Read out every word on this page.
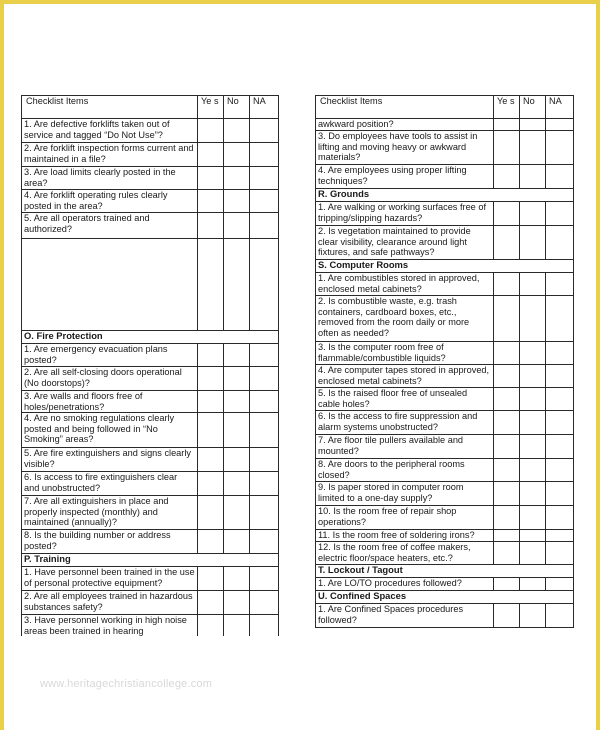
Checklist Items	Ye s	No	NA
1. Are defective forklifts taken out of service and tagged “Do Not Use”?			
2. Are forklift inspection forms current and maintained in a file?			
3. Are load limits clearly posted in the area?			
4. Are forklift operating rules clearly posted in the area?			
5. Are all operators trained and authorized?			

O. Fire Protection			
1. Are emergency evacuation plans posted?			
2. Are all self-closing doors operational (No doorstops)?			
3. Are walls and floors free of holes/penetrations?			
4. Are no smoking regulations clearly posted and being followed in “No Smoking” areas?			
5. Are fire extinguishers and signs clearly visible?			
6. Is access to fire extinguishers clear and unobstructed?			
7. Are all extinguishers in place and properly inspected (monthly) and maintained (annually)?			
8. Is the building number or address posted?			
P. Training			
1. Have personnel been trained in the use of personal protective equipment?			
2. Are all employees trained in hazardous substances safety?			
3. Have personnel working in high noise areas been trained in hearing			
Checklist Items	Ye s	No	NA
awkward position?			
3. Do employees have tools to assist in lifting and moving heavy or awkward materials?			
4. Are employees using proper lifting techniques?			
R. Grounds			
1. Are walking or working surfaces free of tripping/slipping hazards?			
2. Is vegetation maintained to provide clear visibility, clearance around light fixtures, and safe pathways?			
S. Computer Rooms			
1. Are combustibles stored in approved, enclosed metal cabinets?			
2. Is combustible waste, e.g. trash containers, cardboard boxes, etc., removed from the room daily or more often as needed?			
3. Is the computer room free of flammable/combustible liquids?			
4. Are computer tapes stored in approved, enclosed metal cabinets?			
5. Is the raised floor free of unsealed cable holes?			
6. Is the access to fire suppression and alarm systems unobstructed?			
7. Are floor tile pullers available and mounted?			
8. Are doors to the peripheral rooms closed?			
9. Is paper stored in computer room limited to a one-day supply?			
10. Is the room free of repair shop operations?			
11. Is the room free of soldering irons?			
12. Is the room free of coffee makers, electric floor/space heaters, etc.?			
T. Lockout / Tagout			
1. Are LO/TO procedures followed?			
U. Confined Spaces			
1. Are Confined Spaces procedures followed?			
www.heritagechristiancollege.com
